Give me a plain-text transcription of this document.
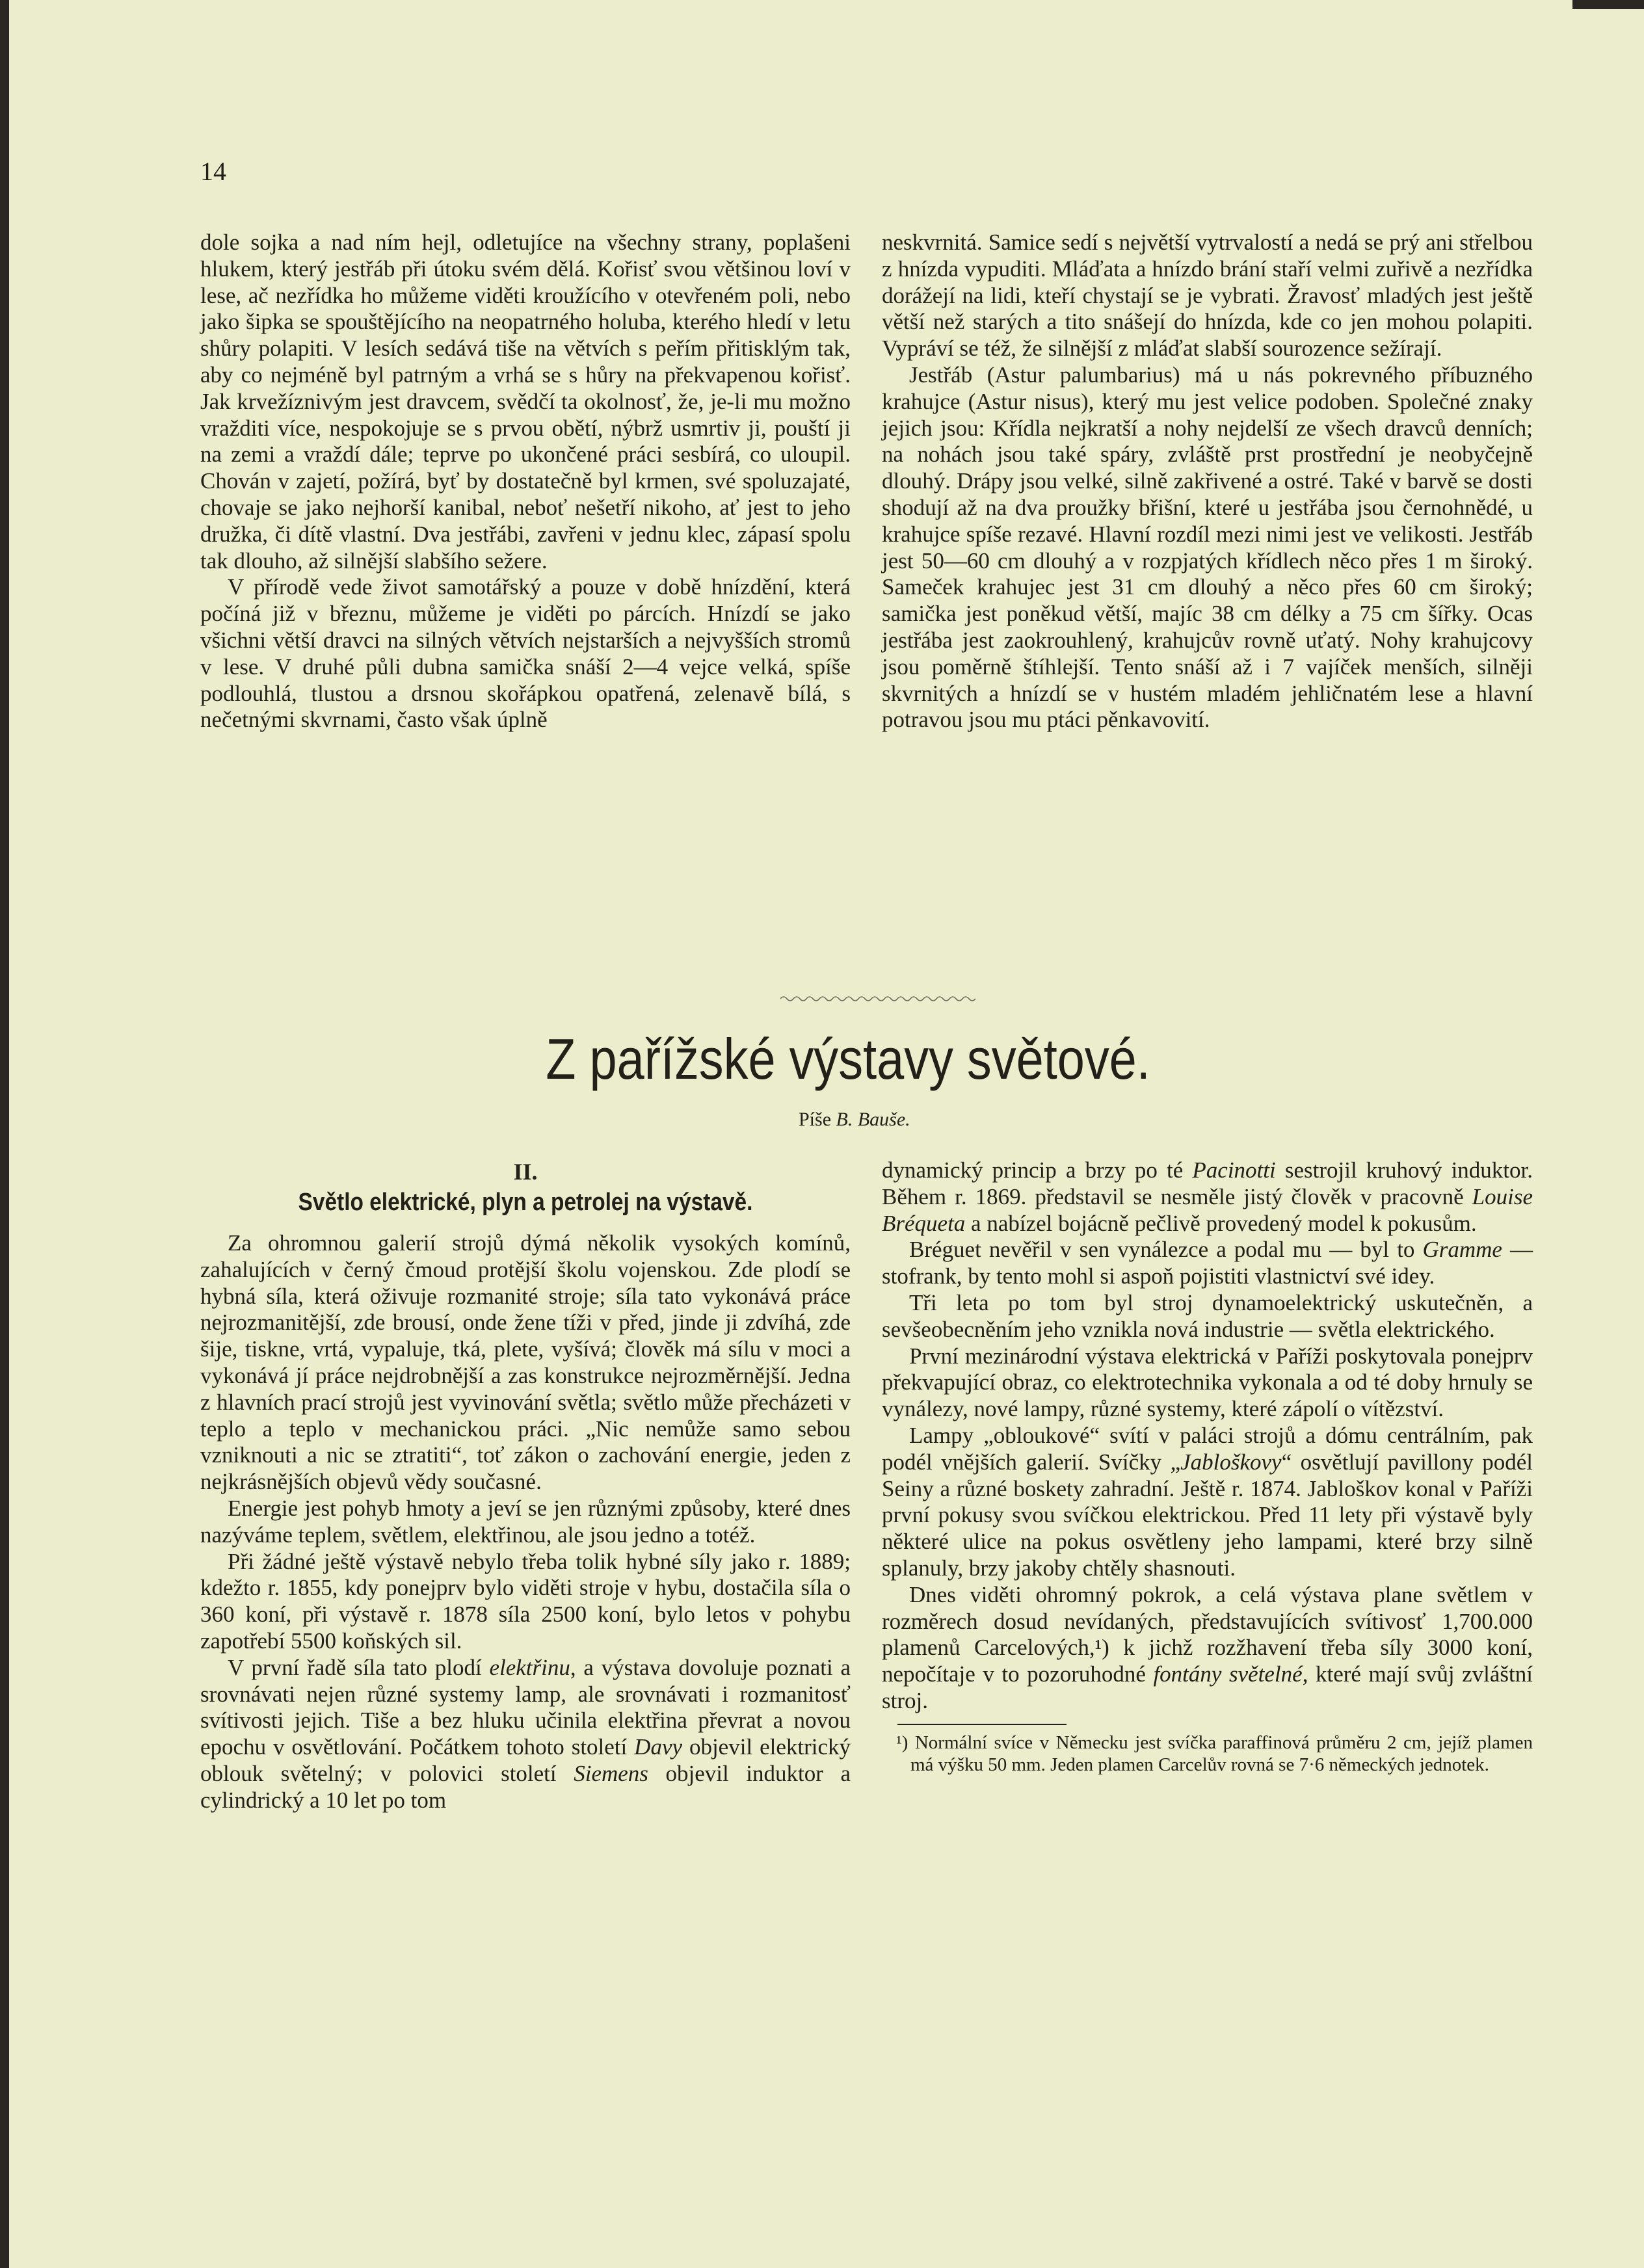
14

dole sojka a nad ním hejl, odletujíce na všechny strany, poplašeni hlukem, který jestřáb při útoku svém dělá. Kořisť svou většinou loví v lese, ač nezřídka ho můžeme viděti kroužícího v otevřeném poli, nebo jako šipka se spouštějícího na neopatrného holuba, kterého hledí v letu shůry polapiti. V lesích sedává tiše na větvích s peřím přitisklým tak, aby co nejméně byl patrným a vrhá se s hůry na překvapenou kořisť. Jak krvežíznivým jest dravcem, svědčí ta okolnosť, že, je-li mu možno vražditi více, nespokojuje se s prvou obětí, nýbrž usmrtiv ji, pouští ji na zemi a vraždí dále; teprve po ukončené práci sesbírá, co uloupil. Chován v zajetí, požírá, byť by dostatečně byl krmen, své spoluzajaté, chovaje se jako nejhorší kanibal, neboť nešetří nikoho, ať jest to jeho družka, či dítě vlastní. Dva jestřábi, zavřeni v jednu klec, zápasí spolu tak dlouho, až silnější slabšího sežere.

V přírodě vede život samotářský a pouze v době hnízdění, která počíná již v březnu, můžeme je viděti po párcích. Hnízdí se jako všichni větší dravci na silných větvích nejstarších a nejvyšších stromů v lese. V druhé půli dubna samička snáší 2—4 vejce velká, spíše podlouhlá, tlustou a drsnou skořápkou opatřená, zelenavě bílá, s nečetnými skvrnami, často však úplně

neskvrnitá. Samice sedí s největší vytrvalostí a nedá se prý ani střelbou z hnízda vypuditi. Mláďata a hnízdo brání staří velmi zuřivě a nezřídka dorážejí na lidi, kteří chystají se je vybrati. Žravosť mladých jest ještě větší než starých a tito snášejí do hnízda, kde co jen mohou polapiti. Vypráví se též, že silnější z mláďat slabší sourozence sežírají.

Jestřáb (Astur palumbarius) má u nás pokrevného příbuzného krahujce (Astur nisus), který mu jest velice podoben. Společné znaky jejich jsou: Křídla nejkratší a nohy nejdelší ze všech dravců denních; na nohách jsou také spáry, zvláště prst prostřední je neobyčejně dlouhý. Drápy jsou velké, silně zakřivené a ostré. Také v barvě se dosti shodují až na dva proužky břišní, které u jestřába jsou černohnědé, u krahujce spíše rezavé. Hlavní rozdíl mezi nimi jest ve velikosti. Jestřáb jest 50—60 cm dlouhý a v rozpjatých křídlech něco přes 1 m široký. Sameček krahujec jest 31 cm dlouhý a něco přes 60 cm široký; samička jest poněkud větší, majíc 38 cm délky a 75 cm šířky. Ocas jestřába jest zaokrouhlený, krahujcův rovně uťatý. Nohy krahujcovy jsou poměrně štíhlejší. Tento snáší až i 7 vajíček menších, silněji skvrnitých a hnízdí se v hustém mladém jehličnatém lese a hlavní potravou jsou mu ptáci pěnkavovití.

Z pařížské výstavy světové.
Píše B. Bauše.

II.

Světlo elektrické, plyn a petrolej na výstavě.

Za ohromnou galerií strojů dýmá několik vysokých komínů, zahalujících v černý čmoud protější školu vojenskou. Zde plodí se hybná síla, která oživuje rozmanité stroje; síla tato vykonává práce nejrozmanitější, zde brousí, onde žene tíži v před, jinde ji zdvíhá, zde šije, tiskne, vrtá, vypaluje, tká, plete, vyšívá; člověk má sílu v moci a vykonává jí práce nejdrobnější a zas konstrukce nejrozměrnější. Jedna z hlavních prací strojů jest vyvinování světla; světlo může přecházeti v teplo a teplo v mechanickou práci. „Nic nemůže samo sebou vzniknouti a nic se ztratiti“, toť zákon o zachování energie, jeden z nejkrásnějších objevů vědy současné.

Energie jest pohyb hmoty a jeví se jen různými způsoby, které dnes nazýváme teplem, světlem, elektřinou, ale jsou jedno a totéž.

Při žádné ještě výstavě nebylo třeba tolik hybné síly jako r. 1889; kdežto r. 1855, kdy ponejprv bylo viděti stroje v hybu, dostačila síla o 360 koní, při výstavě r. 1878 síla 2500 koní, bylo letos v pohybu zapotřebí 5500 koňských sil.

V první řadě síla tato plodí elektřinu, a výstava dovoluje poznati a srovnávati nejen různé systemy lamp, ale srovnávati i rozmanitosť svítivosti jejich. Tiše a bez hluku učinila elektřina převrat a novou epochu v osvětlování. Počátkem tohoto století Davy objevil elektrický oblouk světelný; v polovici století Siemens objevil induktor a cylindrický a 10 let po tom

dynamický princip a brzy po té Pacinotti sestrojil kruhový induktor. Během r. 1869. představil se nesměle jistý člověk v pracovně Louise Bréqueta a nabízel bojácně pečlivě provedený model k pokusům.

Bréguet nevěřil v sen vynálezce a podal mu — byl to Gramme — stofrank, by tento mohl si aspoň pojistiti vlastnictví své idey.

Tři leta po tom byl stroj dynamoelektrický uskutečněn, a sevšeobecněním jeho vznikla nová industrie — světla elektrického.

První mezinárodní výstava elektrická v Paříži poskytovala ponejprv překvapující obraz, co elektrotechnika vykonala a od té doby hrnuly se vynálezy, nové lampy, různé systemy, které zápolí o vítězství.

Lampy „obloukové“ svítí v paláci strojů a dómu centrálním, pak podél vnějších galerií. Svíčky „Jabloškovy“ osvětlují pavillony podél Seiny a různé boskety zahradní. Ještě r. 1874. Jabloškov konal v Paříži první pokusy svou svíčkou elektrickou. Před 11 lety při výstavě byly některé ulice na pokus osvětleny jeho lampami, které brzy silně splanuly, brzy jakoby chtěly shasnouti.

Dnes viděti ohromný pokrok, a celá výstava plane světlem v rozměrech dosud nevídaných, představujících svítivosť 1,700.000 plamenů Carcelových,¹) k jichž rozžhavení třeba síly 3000 koní, nepočítaje v to pozoruhodné fontány světelné, které mají svůj zvláštní stroj.

¹) Normální svíce v Německu jest svíčka paraffinová průměru 2 cm, jejíž plamen má výšku 50 mm. Jeden plamen Carcelův rovná se 7·6 německých jednotek.
